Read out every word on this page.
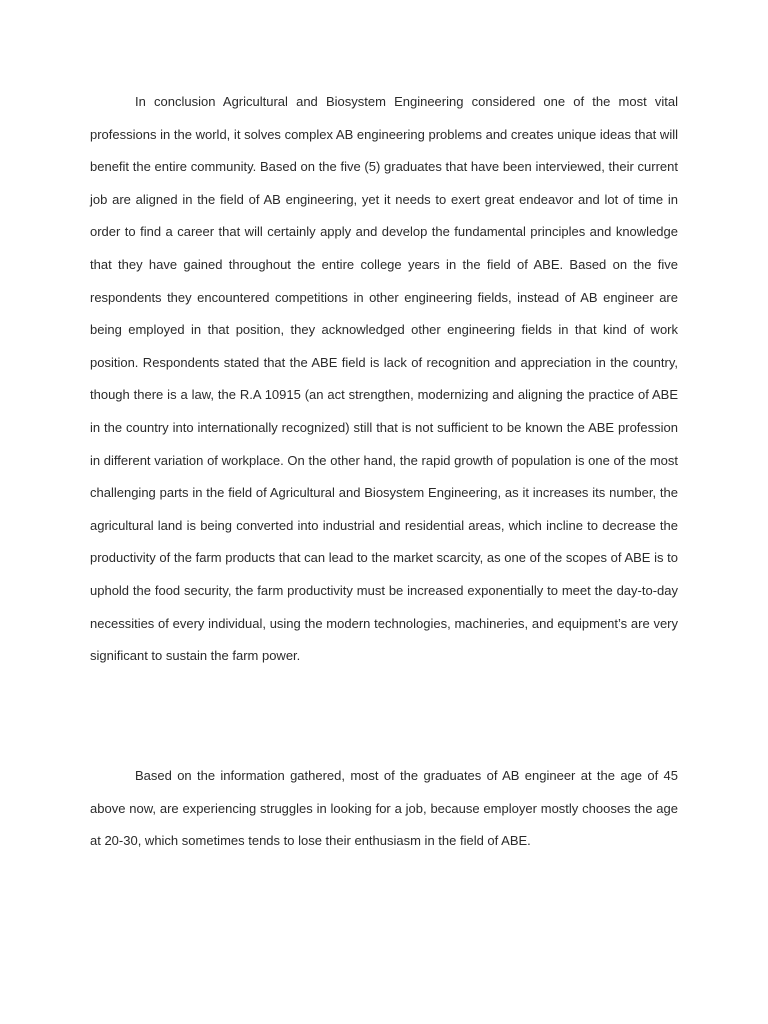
In conclusion Agricultural and Biosystem Engineering considered one of the most vital professions in the world, it solves complex AB engineering problems and creates unique ideas that will benefit the entire community. Based on the five (5) graduates that have been interviewed, their current job are aligned in the field of AB engineering, yet it needs to exert great endeavor and lot of time in order to find a career that will certainly apply and develop the fundamental principles and knowledge that they have gained throughout the entire college years in the field of ABE. Based on the five respondents they encountered competitions in other engineering fields, instead of AB engineer are being employed in that position, they acknowledged other engineering fields in that kind of work position. Respondents stated that the ABE field is lack of recognition and appreciation in the country, though there is a law, the R.A 10915 (an act strengthen, modernizing and aligning the practice of ABE in the country into internationally recognized) still that is not sufficient to be known the ABE profession in different variation of workplace. On the other hand, the rapid growth of population is one of the most challenging parts in the field of Agricultural and Biosystem Engineering, as it increases its number, the agricultural land is being converted into industrial and residential areas, which incline to decrease the productivity of the farm products that can lead to the market scarcity, as one of the scopes of ABE is to uphold the food security, the farm productivity must be increased exponentially to meet the day-to-day necessities of every individual, using the modern technologies, machineries, and equipment’s are very significant to sustain the farm power.

Based on the information gathered, most of the graduates of AB engineer at the age of 45 above now, are experiencing struggles in looking for a job, because employer mostly chooses the age at 20-30, which sometimes tends to lose their enthusiasm in the field of ABE.
